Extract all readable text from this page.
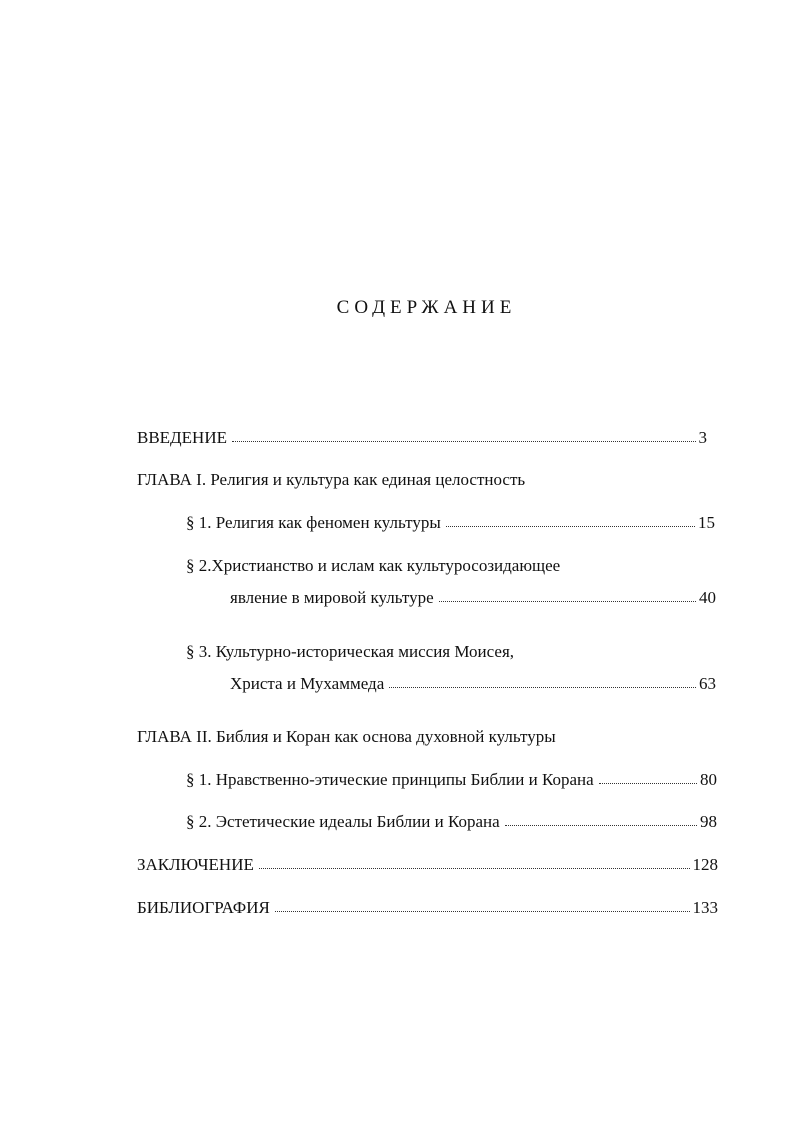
СОДЕРЖАНИЕ
ВВЕДЕНИЕ	3
ГЛАВА I. Религия и культура как единая целостность
§ 1. Религия как феномен культуры	15
§ 2.Христианство и ислам как культуросозидающее
явление в мировой культуре	40
§ 3. Культурно-историческая миссия Моисея,
Христа и Мухаммеда	63
ГЛАВА II. Библия и Коран как основа духовной культуры
§ 1. Нравственно-этические принципы Библии и Корана	80
§ 2. Эстетические идеалы Библии и Корана	98
ЗАКЛЮЧЕНИЕ	128
БИБЛИОГРАФИЯ	133
